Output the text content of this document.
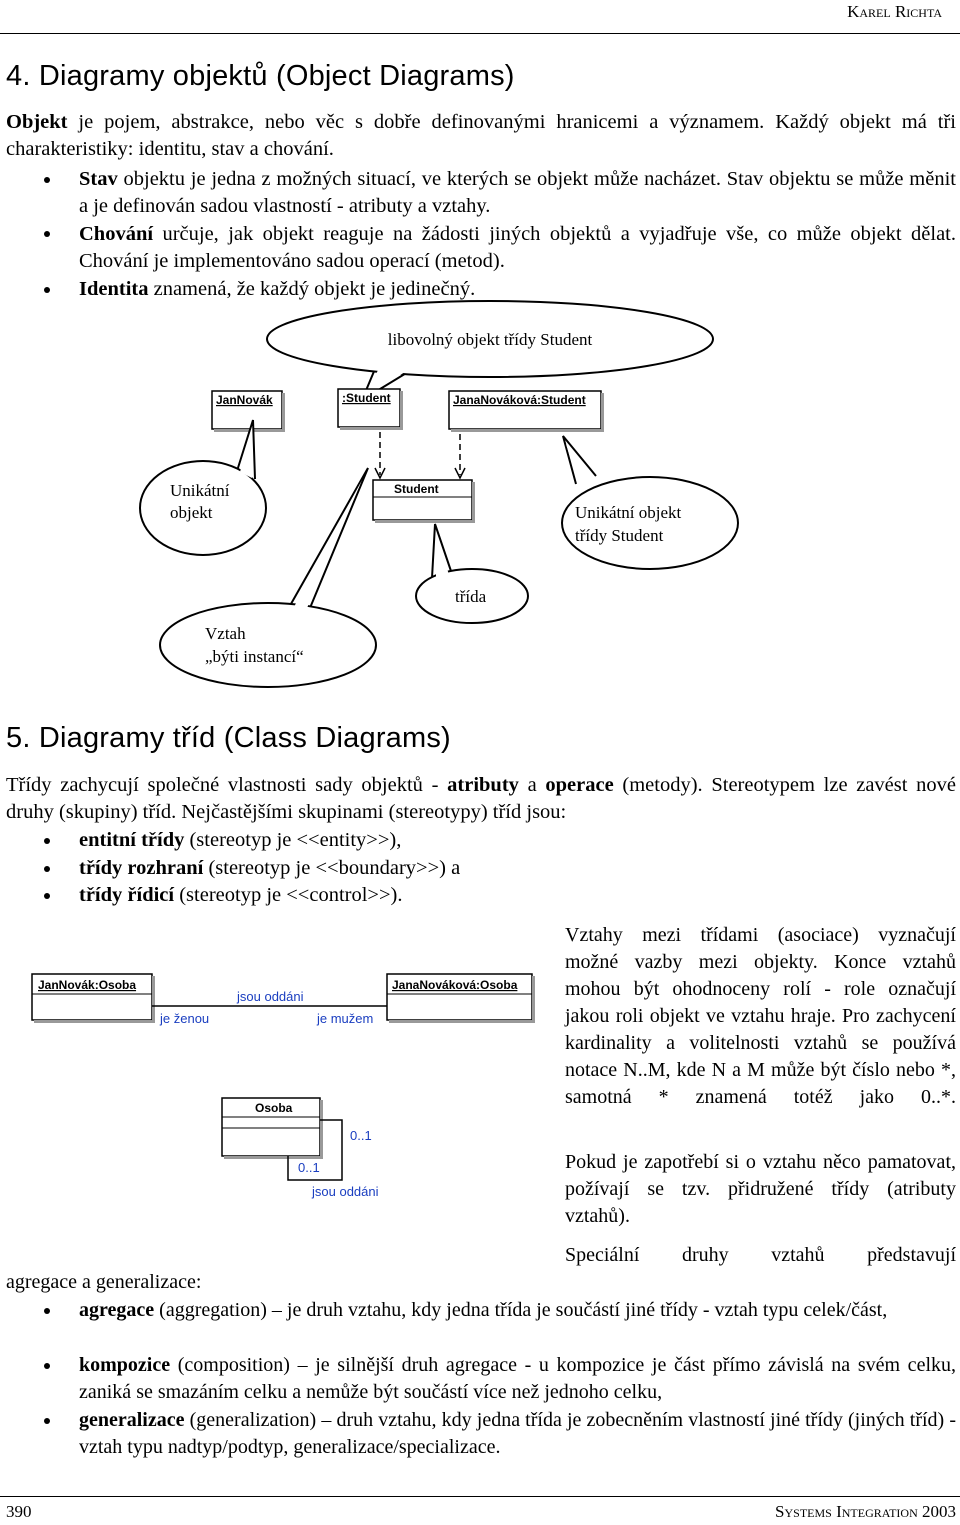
Karel Richta
4. Diagramy objektů (Object Diagrams)
Objekt je pojem, abstrakce, nebo věc s dobře definovanými hranicemi a významem. Každý objekt má tři charakteristiky: identitu, stav a chování.
Stav objektu je jedna z možných situací, ve kterých se objekt může nacházet. Stav objektu se může měnit a je definován sadou vlastností - atributy a vztahy.
Chování určuje, jak objekt reaguje na žádosti jiných objektů a vyjadřuje vše, co může objekt dělat. Chování je implementováno sadou operací (metod).
Identita znamená, že každý objekt je jedinečný.
libovolný objekt třídy Student
JanNovák	:Student	JanaNováková:Student
Student
Unikátní
objekt	Unikátní objekt
třídy Student
třída
Vztah
„býti instancí“
5. Diagramy tříd (Class Diagrams)
Třídy zachycují společné vlastnosti sady objektů - atributy a operace (metody). Stereotypem lze zavést nové druhy (skupiny) tříd. Nejčastějšími skupinami (stereotypy) tříd jsou:
entitní třídy (stereotyp je <<entity>>),
třídy rozhraní (stereotyp je <<boundary>>) a
třídy řídicí (stereotyp je <<control>>).
JanNovák:Osoba	JanaNováková:Osoba
jsou oddáni
je ženou	je mužem
Osoba
0..1
0..1
jsou oddáni
Vztahy mezi třídami (asociace) vyznačují možné vazby mezi objekty. Konce vztahů mohou být ohodnoceny rolí - role označují jakou roli objekt ve vztahu hraje. Pro zachycení kardinality a volitelnosti vztahů se používá notace N..M, kde N a M může být číslo nebo *, samotná * znamená totéž jako 0..*.
Pokud je zapotřebí si o vztahu něco pamatovat, požívají se tzv. přidružené třídy (atributy vztahů).
Speciální druhy vztahů představují
agregace a generalizace:
agregace (aggregation) – je druh vztahu, kdy jedna třída je součástí jiné třídy - vztah typu celek/část,
kompozice (composition) – je silnější druh agregace - u kompozice je část přímo závislá na svém celku, zaniká se smazáním celku a nemůže být součástí více než jednoho celku,
generalizace (generalization) – druh vztahu, kdy jedna třída je zobecněním vlastností jiné třídy (jiných tříd) - vztah typu nadtyp/podtyp, generalizace/specializace.
390	Systems Integration 2003
